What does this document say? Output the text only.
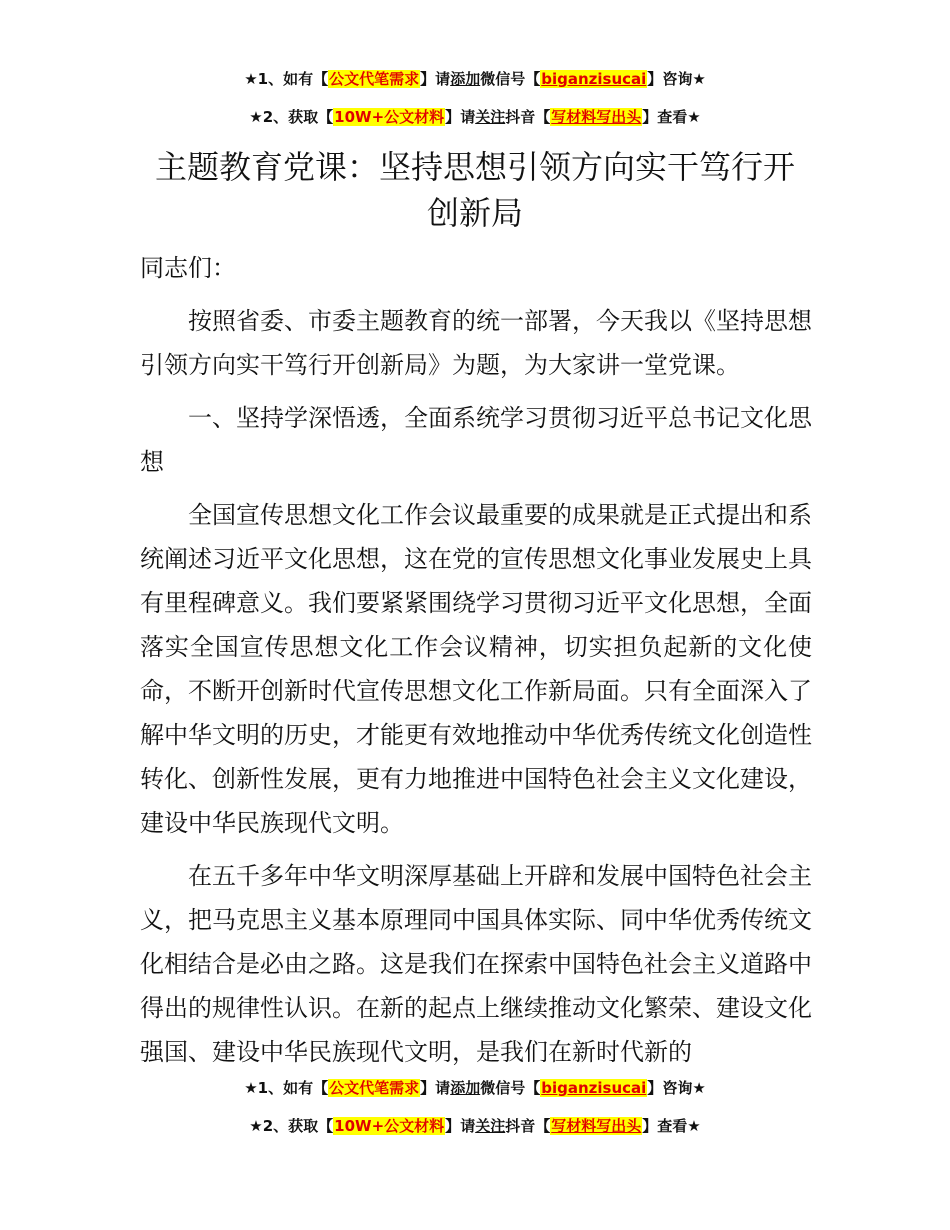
★1、如有【公文代笔需求】请添加微信号【biganzisucai】咨询★
★2、获取【10W+公文材料】请关注抖音【写材料写出头】查看★
主题教育党课：坚持思想引领方向实干笃行开创新局

同志们：

按照省委、市委主题教育的统一部署，今天我以《坚持思想引领方向实干笃行开创新局》为题，为大家讲一堂党课。

一、坚持学深悟透，全面系统学习贯彻习近平总书记文化思想

全国宣传思想文化工作会议最重要的成果就是正式提出和系统阐述习近平文化思想，这在党的宣传思想文化事业发展史上具有里程碑意义。我们要紧紧围绕学习贯彻习近平文化思想，全面落实全国宣传思想文化工作会议精神，切实担负起新的文化使命，不断开创新时代宣传思想文化工作新局面。只有全面深入了解中华文明的历史，才能更有效地推动中华优秀传统文化创造性转化、创新性发展，更有力地推进中国特色社会主义文化建设，建设中华民族现代文明。

在五千多年中华文明深厚基础上开辟和发展中国特色社会主义，把马克思主义基本原理同中国具体实际、同中华优秀传统文化相结合是必由之路。这是我们在探索中国特色社会主义道路中得出的规律性认识。在新的起点上继续推动文化繁荣、建设文化强国、建设中华民族现代文明，是我们在新时代新的

★1、如有【公文代笔需求】请添加微信号【biganzisucai】咨询★
★2、获取【10W+公文材料】请关注抖音【写材料写出头】查看★
